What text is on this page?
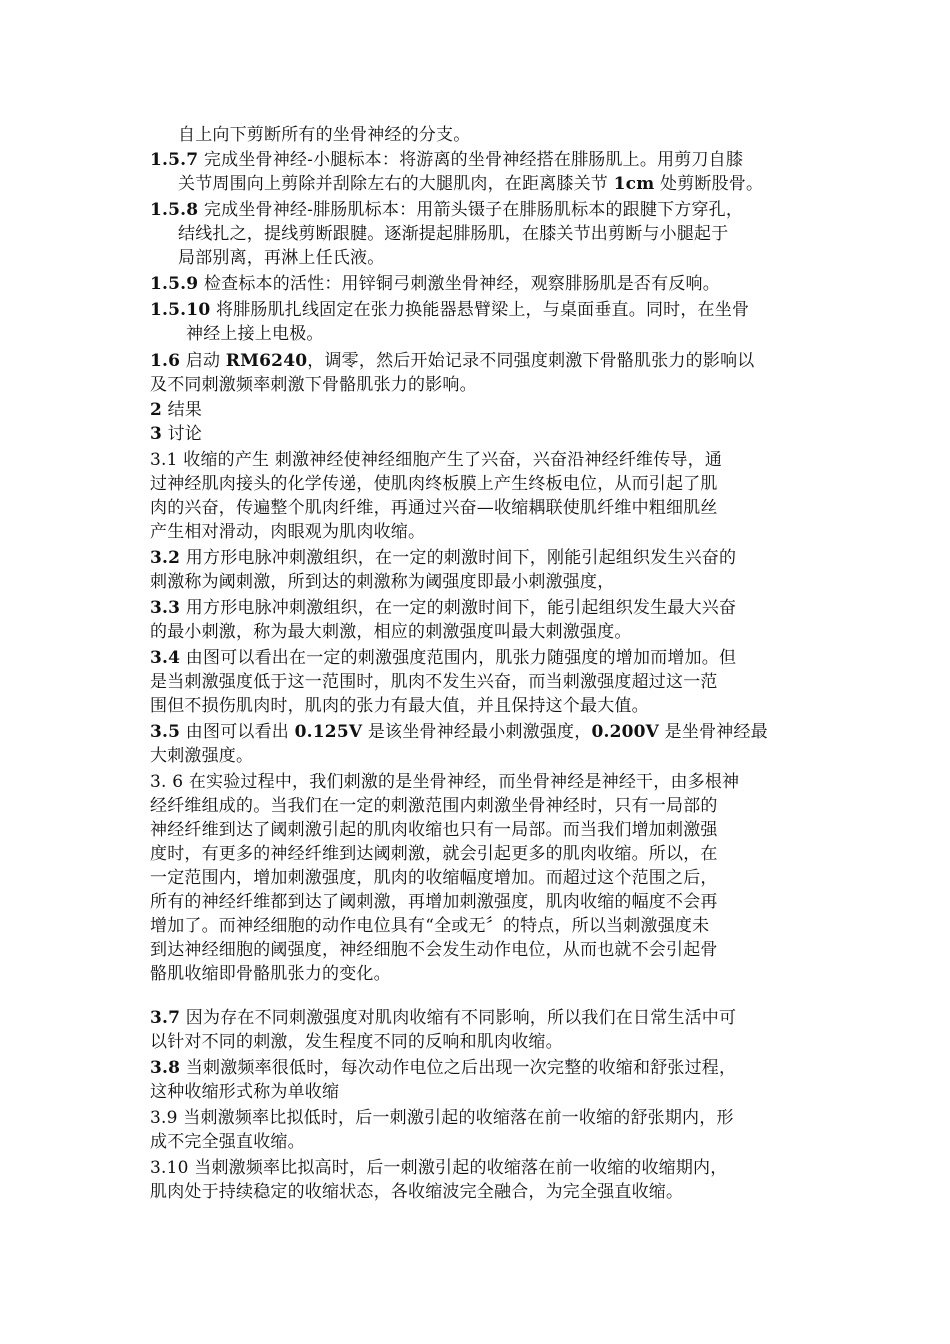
自上向下剪断所有的坐骨神经的分支。
1.5.7 完成坐骨神经-小腿标本：将游离的坐骨神经搭在腓肠肌上。用剪刀自膝
关节周围向上剪除并刮除左右的大腿肌肉，在距离膝关节 1cm 处剪断股骨。
1.5.8 完成坐骨神经-腓肠肌标本：用箭头镊子在腓肠肌标本的跟腱下方穿孔，
结线扎之，提线剪断跟腱。逐渐提起腓肠肌，在膝关节出剪断与小腿起于
局部别离，再淋上任氏液。
1.5.9 检查标本的活性：用锌铜弓刺激坐骨神经，观察腓肠肌是否有反响。
1.5.10 将腓肠肌扎线固定在张力换能器悬臂梁上，与桌面垂直。同时，在坐骨
神经上接上电极。
1.6 启动 RM6240，调零，然后开始记录不同强度刺激下骨骼肌张力的影响以
及不同刺激频率刺激下骨骼肌张力的影响。
2 结果
3 讨论
3.1 收缩的产生 刺激神经使神经细胞产生了兴奋，兴奋沿神经纤维传导，通
过神经肌肉接头的化学传递，使肌肉终板膜上产生终板电位，从而引起了肌
肉的兴奋，传遍整个肌肉纤维，再通过兴奋—收缩耦联使肌纤维中粗细肌丝
产生相对滑动，肉眼观为肌肉收缩。
3.2 用方形电脉冲刺激组织，在一定的刺激时间下，刚能引起组织发生兴奋的
刺激称为阈刺激，所到达的刺激称为阈强度即最小刺激强度，
3.3 用方形电脉冲刺激组织，在一定的刺激时间下，能引起组织发生最大兴奋
的最小刺激，称为最大刺激，相应的刺激强度叫最大刺激强度。
3.4 由图可以看出在一定的刺激强度范围内，肌张力随强度的增加而增加。但
是当刺激强度低于这一范围时，肌肉不发生兴奋，而当刺激强度超过这一范
围但不损伤肌肉时，肌肉的张力有最大值，并且保持这个最大值。
3.5 由图可以看出 0.125V 是该坐骨神经最小刺激强度，0.200V 是坐骨神经最
大刺激强度。
3. 6 在实验过程中，我们刺激的是坐骨神经，而坐骨神经是神经干，由多根神
经纤维组成的。当我们在一定的刺激范围内刺激坐骨神经时，只有一局部的
神经纤维到达了阈刺激引起的肌肉收缩也只有一局部。而当我们增加刺激强
度时，有更多的神经纤维到达阈刺激，就会引起更多的肌肉收缩。所以，在
一定范围内，增加刺激强度，肌肉的收缩幅度增加。而超过这个范围之后，
所有的神经纤维都到达了阈刺激，再增加刺激强度，肌肉收缩的幅度不会再
增加了。而神经细胞的动作电位具有“全或无〞的特点，所以当刺激强度未
到达神经细胞的阈强度，神经细胞不会发生动作电位，从而也就不会引起骨
骼肌收缩即骨骼肌张力的变化。
3.7 因为存在不同刺激强度对肌肉收缩有不同影响，所以我们在日常生活中可
以针对不同的刺激，发生程度不同的反响和肌肉收缩。
3.8 当刺激频率很低时，每次动作电位之后出现一次完整的收缩和舒张过程，
这种收缩形式称为单收缩
3.9 当刺激频率比拟低时，后一刺激引起的收缩落在前一收缩的舒张期内，形
成不完全强直收缩。
3.10 当刺激频率比拟高时，后一刺激引起的收缩落在前一收缩的收缩期内，
肌肉处于持续稳定的收缩状态，各收缩波完全融合，为完全强直收缩。
